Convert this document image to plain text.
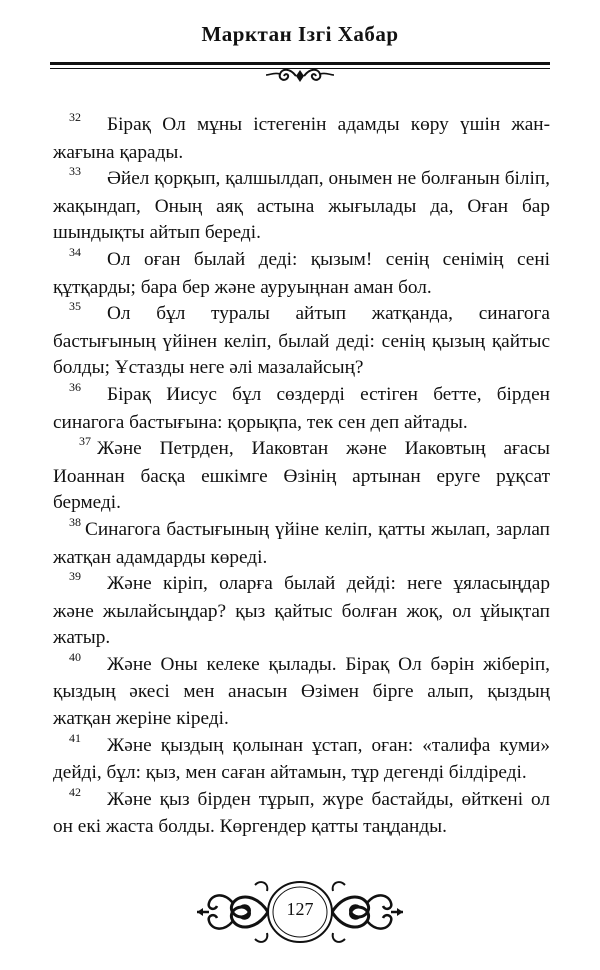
Марктан Ізгі Хабар

$^{32}$ Бірақ Ол мұны істегенін адамды көру үшін жан-жағына қарады.

$^{33}$ Әйел қорқып, қалшылдап, онымен не болғанын біліп, жақындап, Оның аяқ астына жығылады да, Оған бар шындықты айтып береді.

$^{34}$ Ол оған былай деді: қызым! сенің сенімің сені құтқарды; бара бер және ауруыңнан аман бол.

$^{35}$ Ол бұл туралы айтып жатқанда, синагога бастығының үйінен келіп, былай деді: сенің қызың қайтыс болды; Ұстазды неге әлі мазалайсың?

$^{36}$ Бірақ Иисус бұл сөздерді естіген бетте, бірден синагога бастығына: қорықпа, тек сен деп айтады.

$^{37}$ Және Петрден, Иаковтан және Иаковтың ағасы Иоаннан басқа ешкімге Өзінің артынан еруге рұқсат бермеді.

$^{38}$ Синагога бастығының үйіне келіп, қатты жылап, зарлап жатқан адамдарды көреді.

$^{39}$ Және кіріп, оларға былай дейді: неге ұяласыңдар және жылайсыңдар? қыз қайтыс болған жоқ, ол ұйықтап жатыр.

$^{40}$ Және Оны келеке қылады. Бірақ Ол бәрін жіберіп, қыздың әкесі мен анасын Өзімен бірге алып, қыздың жатқан жеріне кіреді.

$^{41}$ Және қыздың қолынан ұстап, оған: «талифа куми» дейді, бұл: қыз, мен саған айтамын, тұр дегенді білдіреді.

$^{42}$ Және қыз бірден тұрып, жүре бастайды, өйткені ол он екі жаста болды. Көргендер қатты таңданды.

127
